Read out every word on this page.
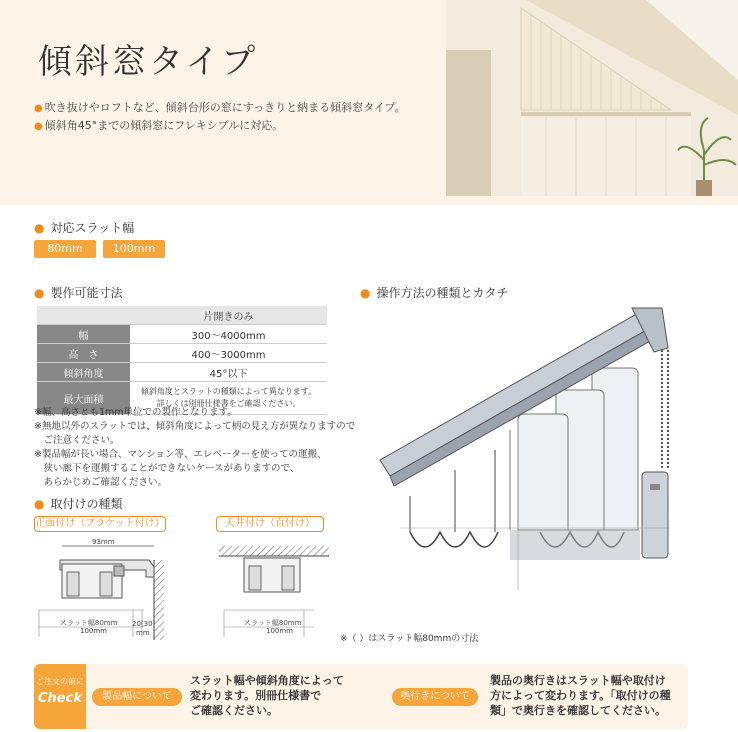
傾斜窓タイプ
● 吹き抜けやロフトなど、傾斜台形の窓にすっきりと納まる傾斜窓タイプ。
● 傾斜角45°までの傾斜窓にフレキシブルに対応。
● 対応スラット幅
80mm	100mm
● 製作可能寸法
	片開きのみ
幅	300〜4000mm
高　さ	400〜3000mm
傾斜角度	45°以下
最大面積	傾斜角度とスラットの種類によって異なります。
詳しくは別冊仕様書をご確認ください。
※幅、高さとも1mm単位での製作となります。
※無地以外のスラットでは、傾斜角度によって柄の見え方が異なりますので
　ご注意ください。
※製品幅が長い場合、マンション等、エレベーターを使っての運搬、
　狭い廊下を運搬することができないケースがありますので、
　あらかじめご確認ください。
● 取付けの種類
正面付け（ブラケット付け）	天井付け（直付け）
93mm
スラット幅80mm
100mm
20(30)
mm
スラット幅80mm
100mm
※（ ）はスラット幅80mmの寸法
● 操作方法の種類とカタチ
ご注文の前に
Check	製品幅について
スラット幅や傾斜角度によって
変わります。別冊仕様書で
ご確認ください。
奥行きについて
製品の奥行きはスラット幅や取付け
方によって変わります。「取付けの種
類」で奥行きを確認してください。
